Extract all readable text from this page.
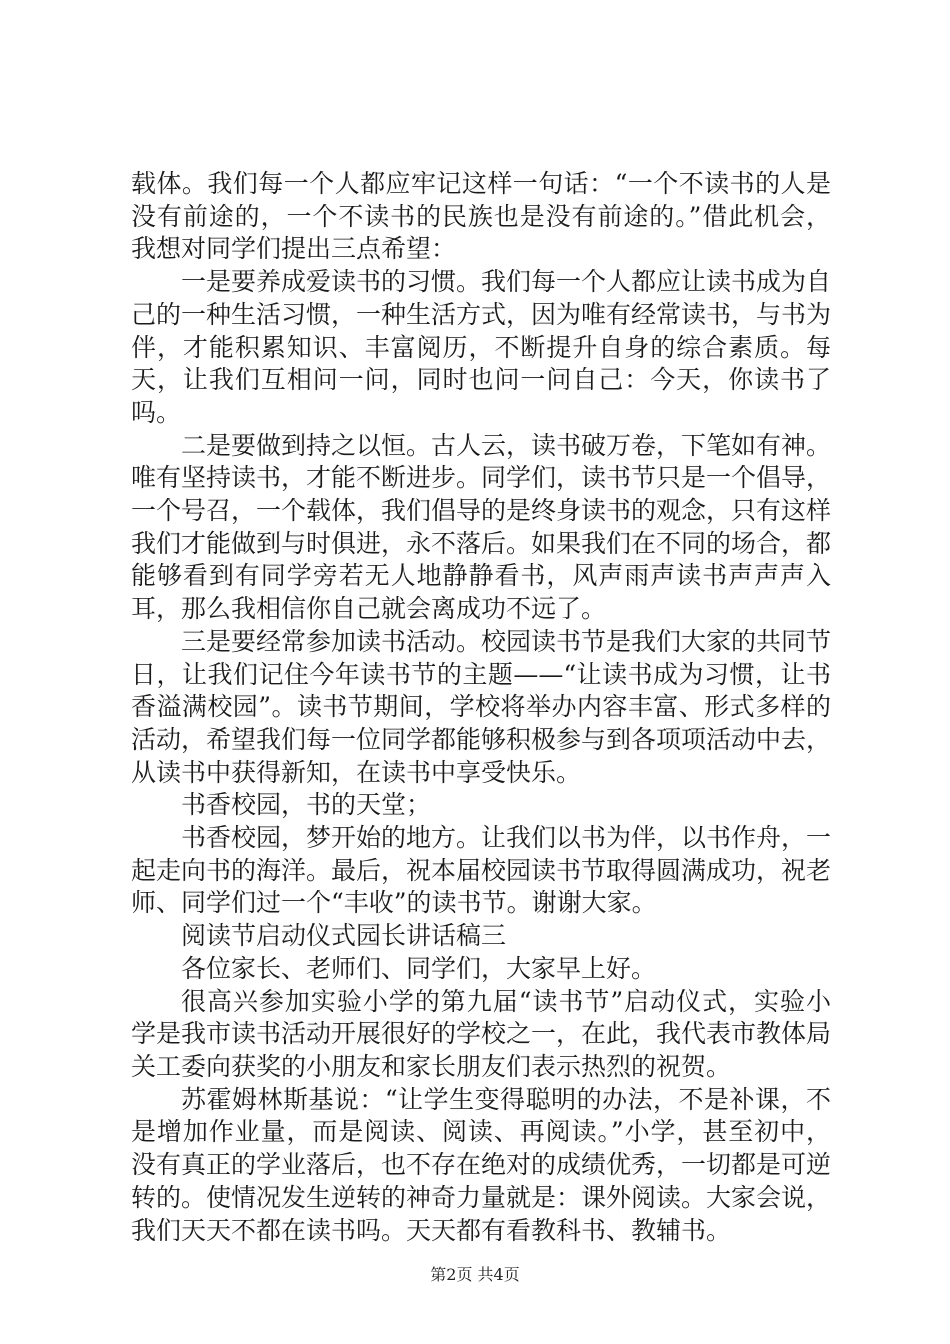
载体。我们每一个人都应牢记这样一句话：“一个不读书的人是没有前途的，一个不读书的民族也是没有前途的。”借此机会，我想对同学们提出三点希望：

一是要养成爱读书的习惯。我们每一个人都应让读书成为自己的一种生活习惯，一种生活方式，因为唯有经常读书，与书为伴，才能积累知识、丰富阅历，不断提升自身的综合素质。每天，让我们互相问一问，同时也问一问自己：今天，你读书了吗。

二是要做到持之以恒。古人云，读书破万卷，下笔如有神。唯有坚持读书，才能不断进步。同学们，读书节只是一个倡导，一个号召，一个载体，我们倡导的是终身读书的观念，只有这样我们才能做到与时俱进，永不落后。如果我们在不同的场合，都能够看到有同学旁若无人地静静看书，风声雨声读书声声声入耳，那么我相信你自己就会离成功不远了。

三是要经常参加读书活动。校园读书节是我们大家的共同节日，让我们记住今年读书节的主题——“让读书成为习惯，让书香溢满校园”。读书节期间，学校将举办内容丰富、形式多样的活动，希望我们每一位同学都能够积极参与到各项项活动中去，从读书中获得新知，在读书中享受快乐。

书香校园，书的天堂；

书香校园，梦开始的地方。让我们以书为伴，以书作舟，一起走向书的海洋。最后，祝本届校园读书节取得圆满成功，祝老师、同学们过一个“丰收”的读书节。谢谢大家。

阅读节启动仪式园长讲话稿三

各位家长、老师们、同学们，大家早上好。

很高兴参加实验小学的第九届“读书节”启动仪式，实验小学是我市读书活动开展很好的学校之一，在此，我代表市教体局关工委向获奖的小朋友和家长朋友们表示热烈的祝贺。

苏霍姆林斯基说：“让学生变得聪明的办法，不是补课，不是增加作业量，而是阅读、阅读、再阅读。”小学，甚至初中，没有真正的学业落后，也不存在绝对的成绩优秀，一切都是可逆转的。使情况发生逆转的神奇力量就是：课外阅读。大家会说，我们天天不都在读书吗。天天都有看教科书、教辅书。

第2页 共4页
